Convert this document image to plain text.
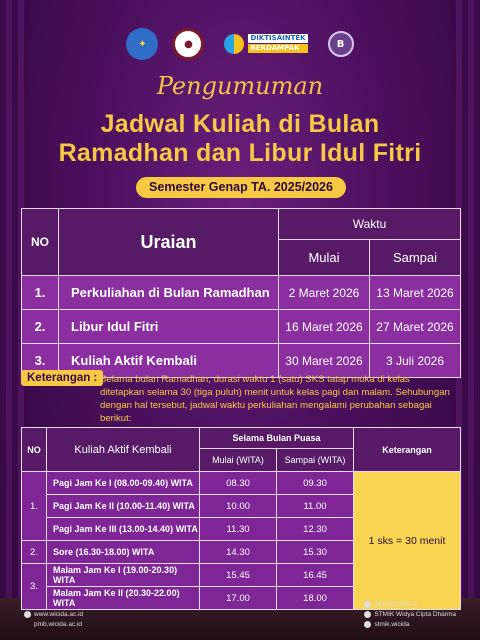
✦	●
DIKTISAINTEK
BERDAMPAK	B
Pengumuman
Jadwal Kuliah di Bulan
Ramadhan dan Libur Idul Fitri
Semester Genap TA. 2025/2026
NO	Uraian	Waktu	
		Mulai	Sampai
1.	Perkuliahan di Bulan Ramadhan	2 Maret 2026	13 Maret 2026
2.	Libur Idul Fitri	16 Maret 2026	27 Maret 2026
3.	Kuliah Aktif Kembali	30 Maret 2026	3 Juli 2026
Keterangan : Selama bulan Ramadhan, durasi waktu 1 (satu) SKS tatap muka di kelas ditetapkan selama 30 (tiga puluh) menit untuk kelas pagi dan malam. Sehubungan dengan hal tersebut, jadwal waktu perkuliahan mengalami perubahan sebagai berikut:
NO	Kuliah Aktif Kembali	Selama Bulan Puasa		Keterangan
		Mulai (WITA)	Sampai (WITA)	
1.	Pagi Jam Ke I (08.00-09.40) WITA	08.30	09.30	1 sks = 30 menit
	Pagi Jam Ke II (10.00-11.40) WITA	10.00	11.00	
	Pagi Jam Ke III (13.00-14.40) WITA	11.30	12.30	
2.	Sore (16.30-18.00) WITA	14.30	15.30	
3.	Malam Jam Ke I (19.00-20.30) WITA	15.45	16.45	
	Malam Jam Ke II (20.30-22.00) WITA	17.00	18.00	
www.wicida.ac.id
pmb.wicida.ac.id
081549198171
STMIK Widya Cipta Dharma
stmik.wicida
